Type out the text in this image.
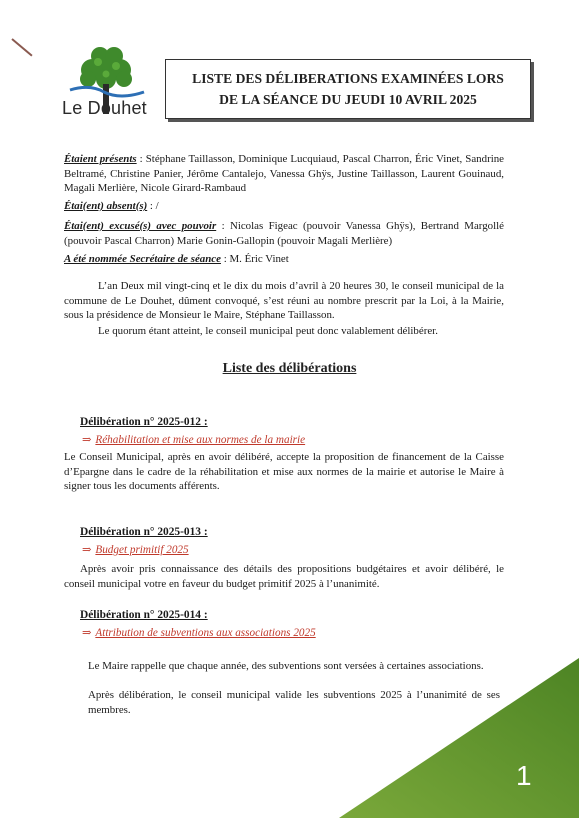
Le Douhet
LISTE DES DÉLIBERATIONS EXAMINÉES LORS
DE LA SÉANCE DU JEUDI 10 AVRIL 2025
Étaient présents : Stéphane Taillasson, Dominique Lucquiaud, Pascal Charron, Éric Vinet, Sandrine Beltramé, Christine Panier, Jérôme Cantalejo, Vanessa Ghÿs, Justine Taillasson, Laurent Gouinaud, Magali Merlière, Nicole Girard-Rambaud
Étai(ent) absent(s) : /
Étai(ent) excusé(s) avec pouvoir : Nicolas Figeac (pouvoir Vanessa Ghÿs), Bertrand Margollé (pouvoir Pascal Charron) Marie Gonin-Gallopin (pouvoir Magali Merlière)
A été nommée Secrétaire de séance : M. Éric Vinet
L’an Deux mil vingt-cinq et le dix du mois d’avril à 20 heures 30, le conseil municipal de la commune de Le Douhet, dûment convoqué, s’est réuni au nombre prescrit par la Loi, à la Mairie, sous la présidence de Monsieur le Maire, Stéphane Taillasson.
Le quorum étant atteint, le conseil municipal peut donc valablement délibérer.
Liste des délibérations
Délibération n° 2025-012 :
⇒ Réhabilitation et mise aux normes de la mairie
Le Conseil Municipal, après en avoir délibéré, accepte la proposition de financement de la Caisse d’Epargne dans le cadre de la réhabilitation et mise aux normes de la mairie et autorise le Maire à signer tous les documents afférents.
Délibération n° 2025-013 :
⇒ Budget primitif 2025
Après avoir pris connaissance des détails des propositions budgétaires et avoir délibéré, le conseil municipal votre en faveur du budget primitif 2025 à l’unanimité.
Délibération n° 2025-014 :
⇒ Attribution de subventions aux associations 2025
Le Maire rappelle que chaque année, des subventions sont versées à certaines associations.
Après délibération, le conseil municipal valide les subventions 2025 à l’unanimité de ses membres.
1
